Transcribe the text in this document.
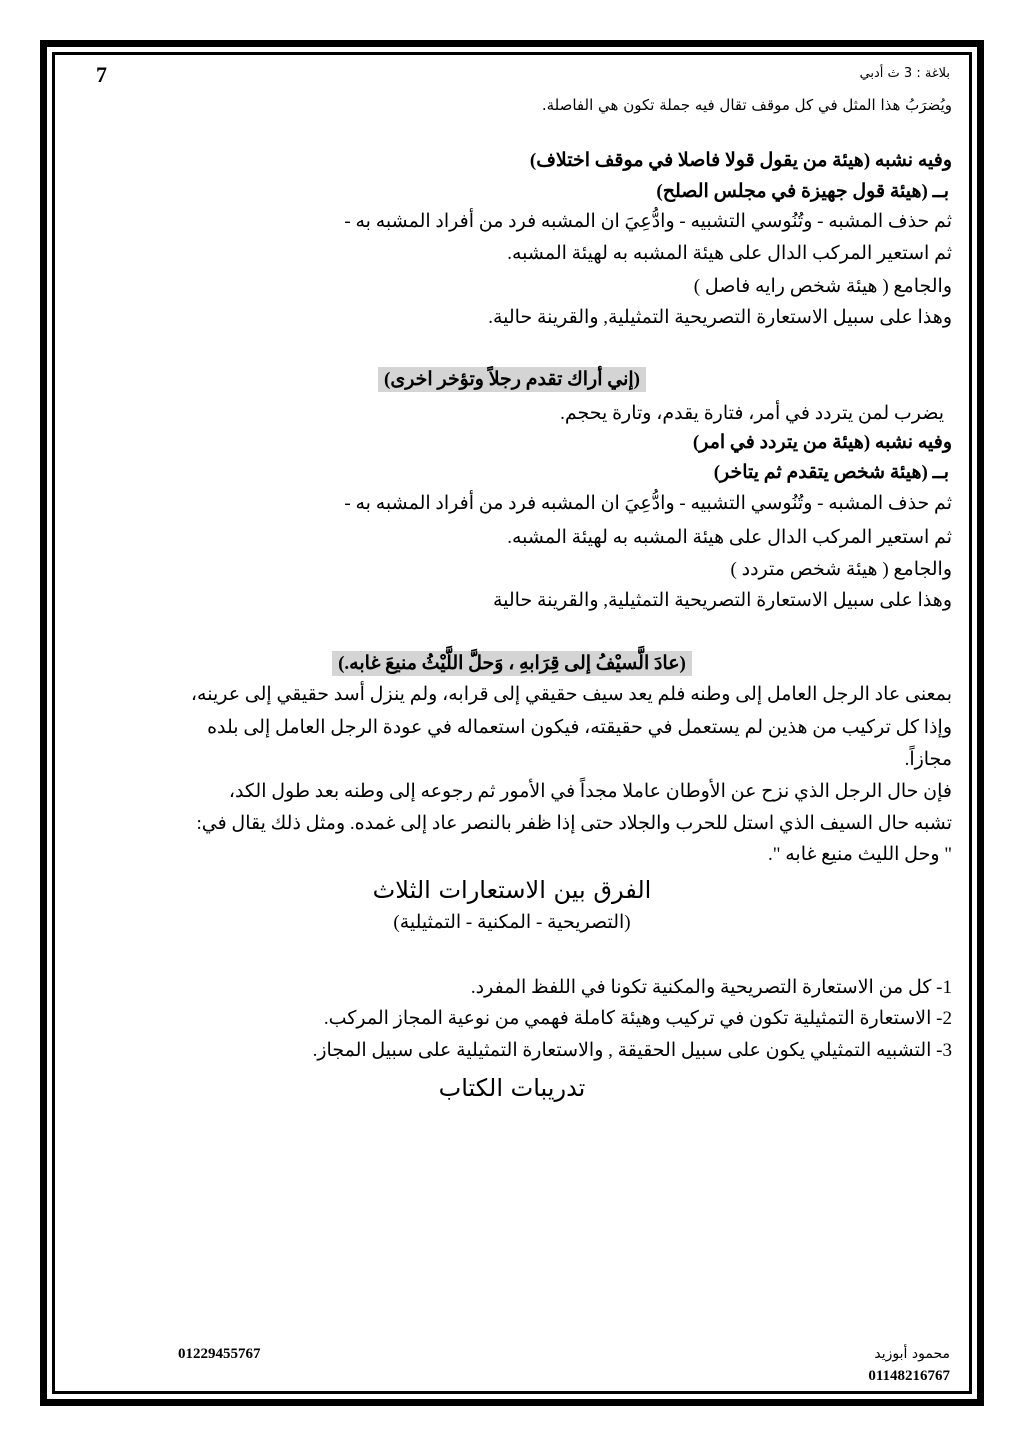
7	بلاغة : 3 ث أدبي
ويُضرَبُ هذا المثل في كل موقف تقال فيه جملة تكون هي الفاصلة.
وفيه نشبه (هيئة من يقول قولا فاصلا في موقف اختلاف)
بــ (هيئة قول جهيزة في مجلس الصلح)
ثم حذف المشبه - وتُنُوسي التشبيه - وادُّعِيَ ان المشبه فرد من أفراد المشبه به -
ثم استعير المركب الدال على هيئة المشبه به لهيئة المشبه.
والجامع ( هيئة شخص رايه فاصل )
وهذا على سبيل الاستعارة التصريحية التمثيلية, والقرينة حالية.
(إني أراك تقدم رجلاً وتؤخر اخرى)
يضرب لمن يتردد في أمر، فتارة يقدم، وتارة يحجم.
وفيه نشبه (هيئة من يتردد في امر)
بــ (هيئة شخص يتقدم ثم يتاخر)
ثم حذف المشبه - وتُنُوسي التشبيه - وادُّعِيَ ان المشبه فرد من أفراد المشبه به -
ثم استعير المركب الدال على هيئة المشبه به لهيئة المشبه.
والجامع ( هيئة شخص متردد )
وهذا على سبيل الاستعارة التصريحية التمثيلية, والقرينة حالية
(عادَ الَّسيْفُ إلى قِرَابهِ ، وَحلَّ اللَّيْثُ منيعَ غابه.)
بمعنى عاد الرجل العامل إلى وطنه فلم يعد سيف حقيقي إلى قرابه، ولم ينزل أسد حقيقي إلى عرينه،
وإذا كل تركيب من هذين لم يستعمل في حقيقته، فيكون استعماله في عودة الرجل العامل إلى بلده
مجازاً.
فإن حال الرجل الذي نزح عن الأوطان عاملا مجداً في الأمور ثم رجوعه إلى وطنه بعد طول الكد،
تشبه حال السيف الذي استل للحرب والجلاد حتى إذا ظفر بالنصر عاد إلى غمده. ومثل ذلك يقال في:
" وحل الليث منيع غابه ".
الفرق بين الاستعارات الثلاث
(التصريحية - المكنية - التمثيلية)
1- كل من الاستعارة التصريحية والمكنية تكونا في اللفظ المفرد.
2- الاستعارة التمثيلية تكون في تركيب وهيئة كاملة فهمي من نوعية المجاز المركب.
3- التشبيه التمثيلي يكون على سبيل الحقيقة , والاستعارة التمثيلية على سبيل المجاز.
تدريبات الكتاب
محمود أبوزيد
01148216767
01229455767
